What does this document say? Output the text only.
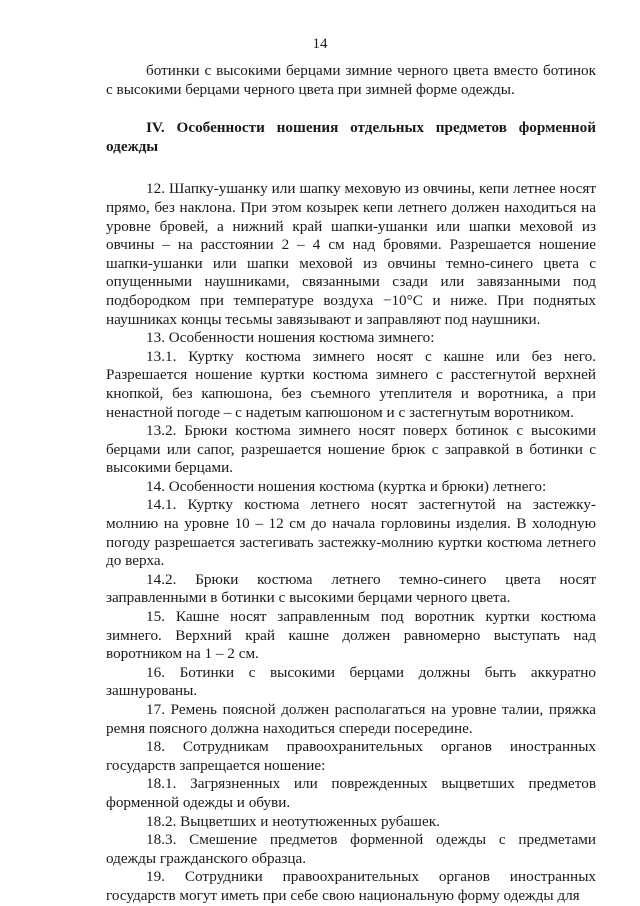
14

ботинки с высокими берцами зимние черного цвета вместо ботинок с высокими берцами черного цвета при зимней форме одежды.

IV. Особенности ношения отдельных предметов форменной одежды

12. Шапку-ушанку или шапку меховую из овчины, кепи летнее носят прямо, без наклона. При этом козырек кепи летнего должен находиться на уровне бровей, а нижний край шапки-ушанки или шапки меховой из овчины – на расстоянии 2 – 4 см над бровями. Разрешается ношение шапки-ушанки или шапки меховой из овчины темно-синего цвета с опущенными наушниками, связанными сзади или завязанными под подбородком при температуре воздуха −10°С и ниже. При поднятых наушниках концы тесьмы завязывают и заправляют под наушники.

13. Особенности ношения костюма зимнего:

13.1. Куртку костюма зимнего носят с кашне или без него. Разрешается ношение куртки костюма зимнего с расстегнутой верхней кнопкой, без капюшона, без съемного утеплителя и воротника, а при ненастной погоде – с надетым капюшоном и с застегнутым воротником.

13.2. Брюки костюма зимнего носят поверх ботинок с высокими берцами или сапог, разрешается ношение брюк с заправкой в ботинки с высокими берцами.

14. Особенности ношения костюма (куртка и брюки) летнего:

14.1. Куртку костюма летнего носят застегнутой на застежку-молнию на уровне 10 – 12 см до начала горловины изделия. В холодную погоду разрешается застегивать застежку-молнию куртки костюма летнего до верха.

14.2. Брюки костюма летнего темно-синего цвета носят заправленными в ботинки с высокими берцами черного цвета.

15. Кашне носят заправленным под воротник куртки костюма зимнего. Верхний край кашне должен равномерно выступать над воротником на 1 – 2 см.

16. Ботинки с высокими берцами должны быть аккуратно зашнурованы.

17. Ремень поясной должен располагаться на уровне талии, пряжка ремня поясного должна находиться спереди посередине.

18. Сотрудникам правоохранительных органов иностранных государств запрещается ношение:

18.1. Загрязненных или поврежденных выцветших предметов форменной одежды и обуви.

18.2. Выцветших и неотутюженных рубашек.

18.3. Смешение предметов форменной одежды с предметами одежды гражданского образца.

19. Сотрудники правоохранительных органов иностранных государств могут иметь при себе свою национальную форму одежды для
